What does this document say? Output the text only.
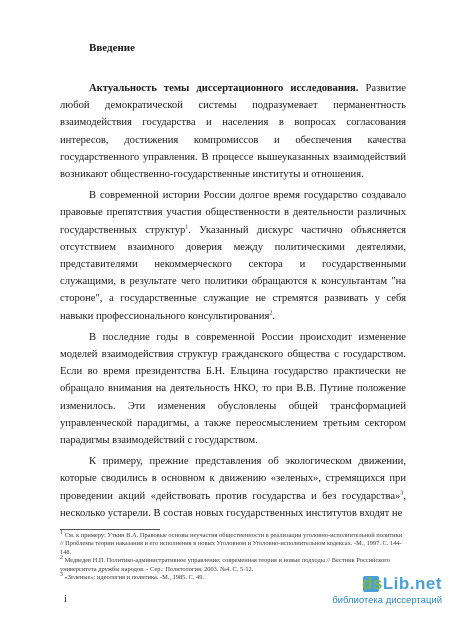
Введение

Актуальность темы диссертационного исследования. Развитие любой демократической системы подразумевает перманентность взаимодействия государства и населения в вопросах согласования интересов, достижения компромиссов и обеспечения качества государственного управления. В процессе вышеуказанных взаимодействий возникают общественно-государственные институты и отношения.

В современной истории России долгое время государство создавало правовые препятствия участия общественности в деятельности различных государственных структур$^1$. Указанный дискурс частично объясняется отсутствием взаимного доверия между политическими деятелями, представителями некоммерческого сектора и государственными служащими, в результате чего политики обращаются к консультантам "на стороне", а государственные служащие не стремятся развивать у себя навыки профессионального консультирования$^2$.

В последние годы в современной России происходит изменение моделей взаимодействия структур гражданского общества с государством. Если во время президентства Б.Н. Ельцина государство практически не обращало внимания на деятельность НКО, то при В.В. Путине положение изменилось. Эти изменения обусловлены общей трансформацией управленческой парадигмы, а также переосмыслением третьим сектором парадигмы взаимодействий с государством.

К примеру, прежние представления об экологическом движении, которые сводились в основном к движению «зеленых», стремящихся при проведении акций «действовать против государства и без государства»$^3$, несколько устарели. В состав новых государственных институтов входят не

$^1$ См. к примеру: Уткин В.А. Правовые основы неучастия общественности в реализации уголовно-исполнительной политики // Проблемы теории наказания и его исполнения в новых Уголовном и Уголовно-исполнительном кодексах. -М., 1997. С. 144-148.
$^2$ Медведев Н.П. Политико-административное управление: современная теория и новые подходы // Вестник Российского университета дружбы народов. - Сер.: Политология. 2003. №4. С. 5-12.
$^3$ «Зеленые»: идеология и политика. -М., 1985. С. 49.
i
dsLib.net
библиотека диссертаций
